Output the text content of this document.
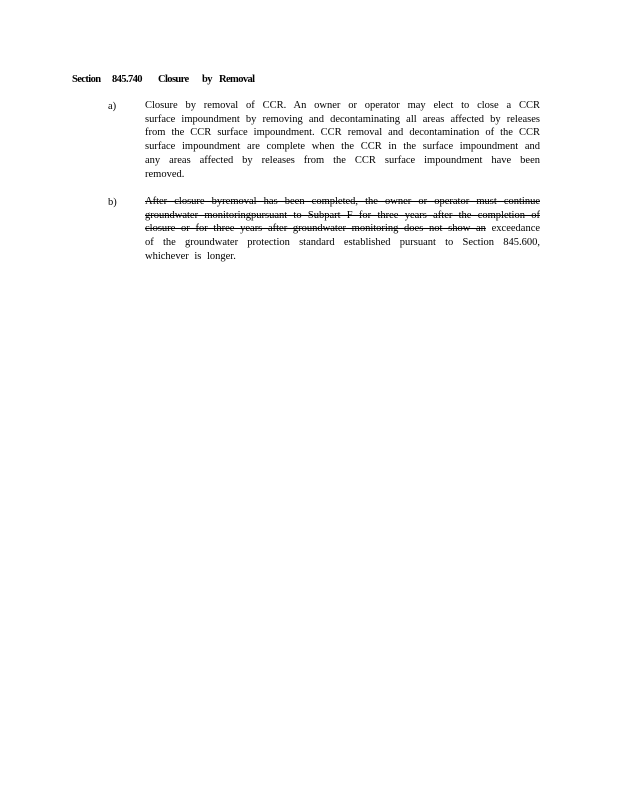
Section 845.740 Closure by Removal
a)	Closure by removal of CCR. An owner or operator may elect to close a CCR surface impoundment by removing and decontaminating all areas affected by releases from the CCR surface impoundment. CCR removal and decontamination of the CCR surface impoundment are complete when the CCR in the surface impoundment and any areas affected by releases from the CCR surface impoundment have been removed.

b)	After closure byremoval has been completed, the owner or operator must continue groundwater monitoringpursuant to Subpart F for three years after the completion of closure or for three years after groundwater monitoring does not show an exceedance of the groundwater protection standard established pursuant to Section 845.600, whichever is longer.
